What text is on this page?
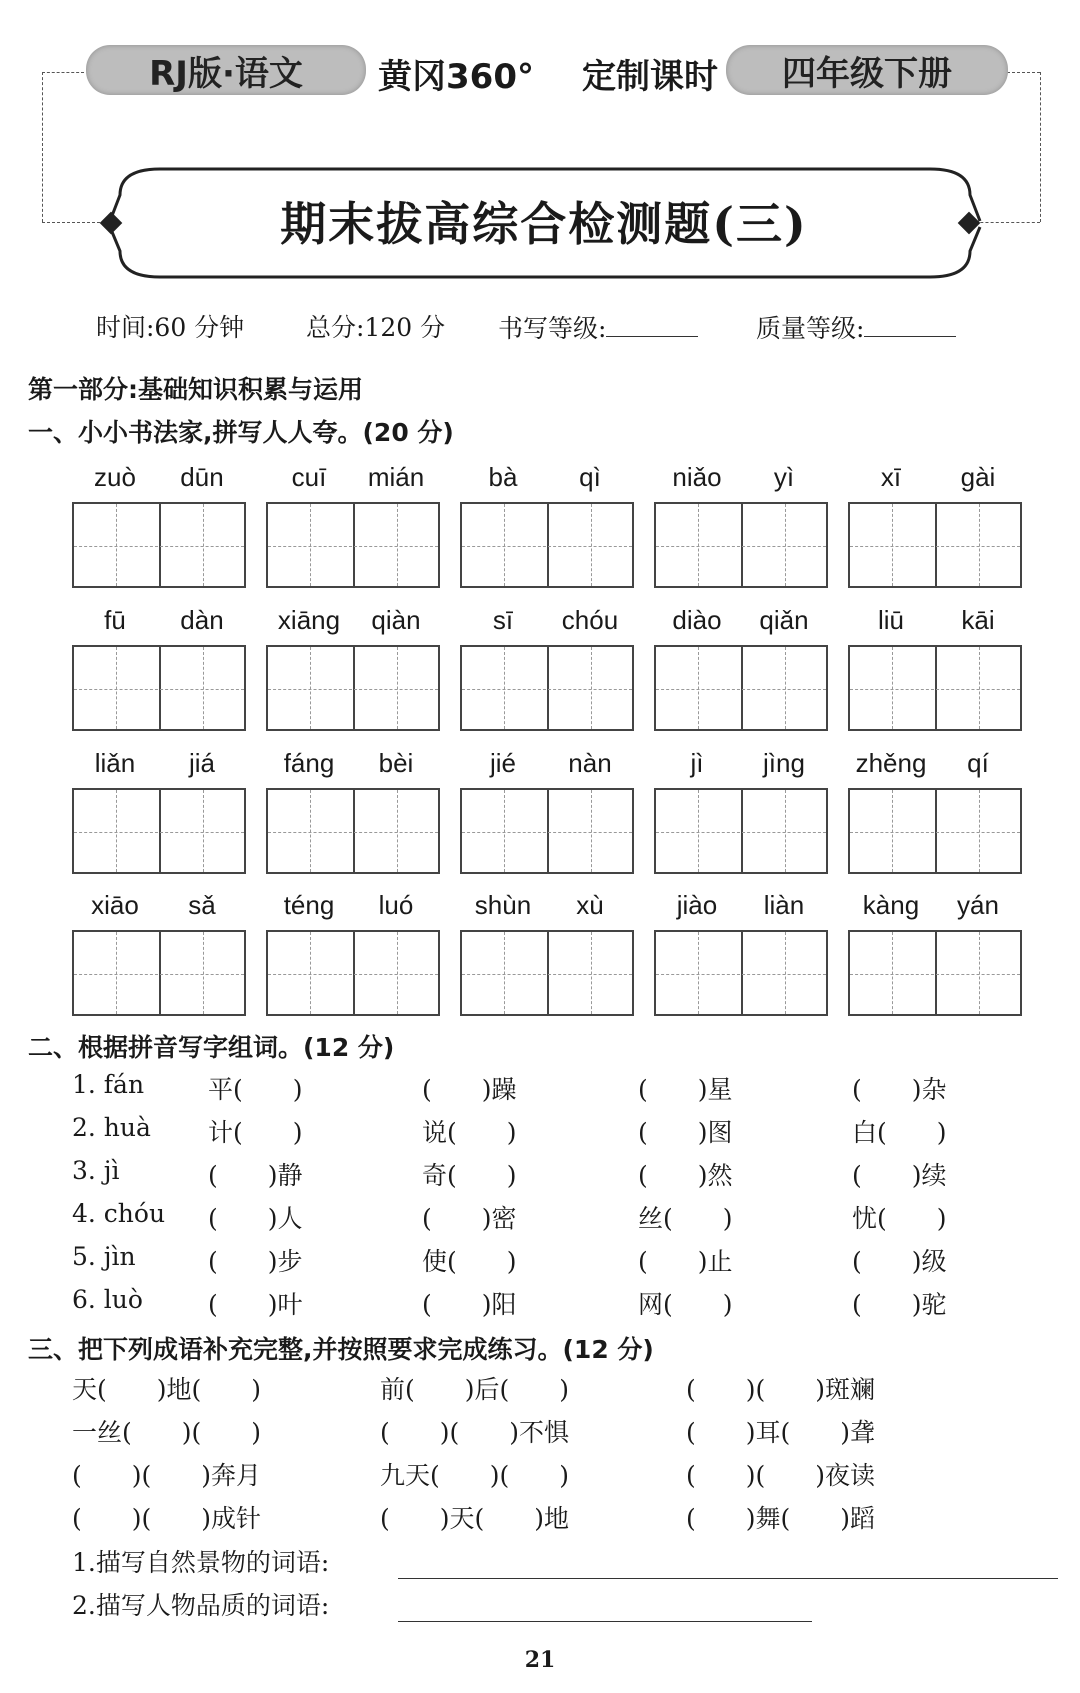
RJ版·语文 黄冈360° 定制课时 四年级下册
期末拔高综合检测题(三)
时间:60 分钟 总分:120 分 书写等级:	质量等级:
第一部分:基础知识积累与运用
一、小小书法家,拼写人人夸。(20 分)
zuò	dūn	cuī	mián	bà	qì	niǎo	yì	xī	gài
fū	dàn	xiāng	qiàn	sī	chóu	diào	qiǎn	liū	kāi
liǎn	jiá	fáng	bèi	jié	nàn	jì	jìng	zhěng	qí
xiāo	sǎ	téng	luó	shùn	xù	jiào	liàn	kàng	yán
二、根据拼音写字组词。(12 分)
1. fán	平(　　)	(　　)躁	(　　)星	(　　)杂
2. huà 计(　　)	说(　　)	(　　)图	白(　　)
3. jì	(　　)静	奇(　　)	(　　)然	(　　)续
4. chóu (　　)人	(　　)密	丝(　　)	忧(　　)
5. jìn	(　　)步	使(　　)	(　　)止	(　　)级
6. luò	(　　)叶	(　　)阳	网(　　)	(　　)驼
三、把下列成语补充完整,并按照要求完成练习。(12 分)
天(　　)地(　　)	前(　　)后(　　)	(　　)(　　)斑斓
一丝(　　)(　　)	(　　)(　　)不惧	(　　)耳(　　)聋
(　　)(　　)奔月	九天(　　)(　　)	(　　)(　　)夜读
(　　)(　　)成针	(　　)天(　　)地	(　　)舞(　　)蹈
1.描写自然景物的词语:
2.描写人物品质的词语:
21
